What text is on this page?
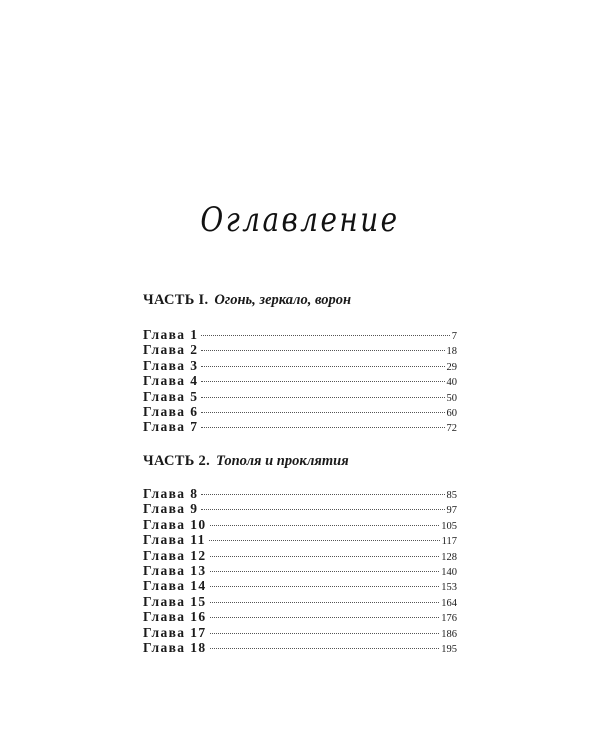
Оглавление
ЧАСТЬ I. Огонь, зеркало, ворон
Глава 1	7
Глава 2	18
Глава 3	29
Глава 4	40
Глава 5	50
Глава 6	60
Глава 7	72
ЧАСТЬ 2. Тополя и проклятия
Глава 8	85
Глава 9	97
Глава 10	105
Глава 11	117
Глава 12	128
Глава 13	140
Глава 14	153
Глава 15	164
Глава 16	176
Глава 17	186
Глава 18	195
